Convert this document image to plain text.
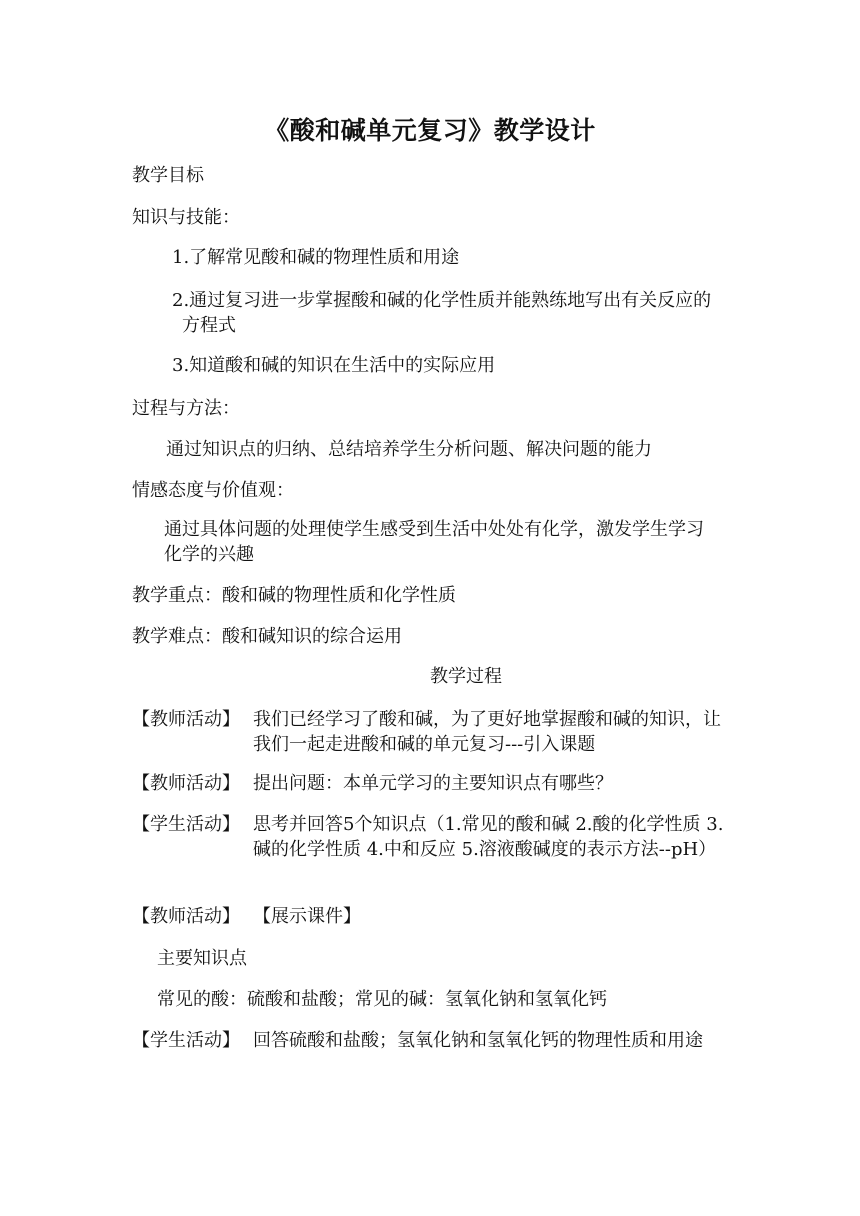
《酸和碱单元复习》教学设计
教学目标
知识与技能：
1.了解常见酸和碱的物理性质和用途
2.通过复习进一步掌握酸和碱的化学性质并能熟练地写出有关反应的方程式
3.知道酸和碱的知识在生活中的实际应用
过程与方法：
通过知识点的归纳、总结培养学生分析问题、解决问题的能力
情感态度与价值观：
通过具体问题的处理使学生感受到生活中处处有化学，激发学生学习化学的兴趣
教学重点：酸和碱的物理性质和化学性质
教学难点：酸和碱知识的综合运用
教学过程
【教师活动】 我们已经学习了酸和碱，为了更好地掌握酸和碱的知识，让我们一起走进酸和碱的单元复习---引入课题
【教师活动】 提出问题：本单元学习的主要知识点有哪些？
【学生活动】 思考并回答5个知识点（1.常见的酸和碱 2.酸的化学性质 3.碱的化学性质 4.中和反应 5.溶液酸碱度的表示方法--pH）
【教师活动】 【展示课件】
主要知识点
常见的酸：硫酸和盐酸；常见的碱：氢氧化钠和氢氧化钙
【学生活动】 回答硫酸和盐酸；氢氧化钠和氢氧化钙的物理性质和用途
